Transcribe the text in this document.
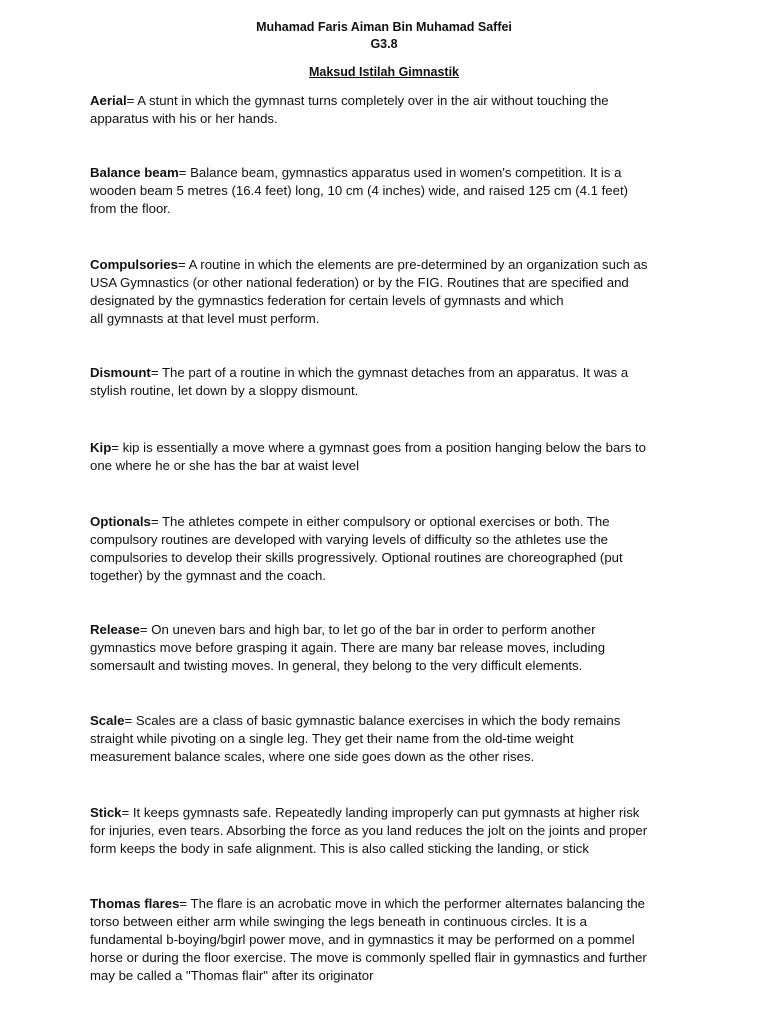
Muhamad Faris Aiman Bin Muhamad Saffei
G3.8
Maksud Istilah Gimnastik

Aerial= A stunt in which the gymnast turns completely over in the air without touching the
apparatus with his or her hands.

Balance beam= Balance beam, gymnastics apparatus used in women's competition. It is a
wooden beam 5 metres (16.4 feet) long, 10 cm (4 inches) wide, and raised 125 cm (4.1 feet)
from the floor.

Compulsories= A routine in which the elements are pre-determined by an organization such as
USA Gymnastics (or other national federation) or by the FIG. Routines that are specified and
designated by the gymnastics federation for certain levels of gymnasts and which
all gymnasts at that level must perform.

Dismount= The part of a routine in which the gymnast detaches from an apparatus. It was a
stylish routine, let down by a sloppy dismount.

Kip= kip is essentially a move where a gymnast goes from a position hanging below the bars to
one where he or she has the bar at waist level

Optionals= The athletes compete in either compulsory or optional exercises or both. The
compulsory routines are developed with varying levels of difficulty so the athletes use the
compulsories to develop their skills progressively. Optional routines are choreographed (put
together) by the gymnast and the coach.

Release= On uneven bars and high bar, to let go of the bar in order to perform another
gymnastics move before grasping it again. There are many bar release moves, including
somersault and twisting moves. In general, they belong to the very difficult elements.

Scale= Scales are a class of basic gymnastic balance exercises in which the body remains
straight while pivoting on a single leg. They get their name from the old-time weight
measurement balance scales, where one side goes down as the other rises.

Stick= It keeps gymnasts safe. Repeatedly landing improperly can put gymnasts at higher risk
for injuries, even tears. Absorbing the force as you land reduces the jolt on the joints and proper
form keeps the body in safe alignment. This is also called sticking the landing, or stick

Thomas flares= The flare is an acrobatic move in which the performer alternates balancing the
torso between either arm while swinging the legs beneath in continuous circles. It is a
fundamental b-boying/bgirl power move, and in gymnastics it may be performed on a pommel
horse or during the floor exercise. The move is commonly spelled flair in gymnastics and further
may be called a "Thomas flair" after its originator
